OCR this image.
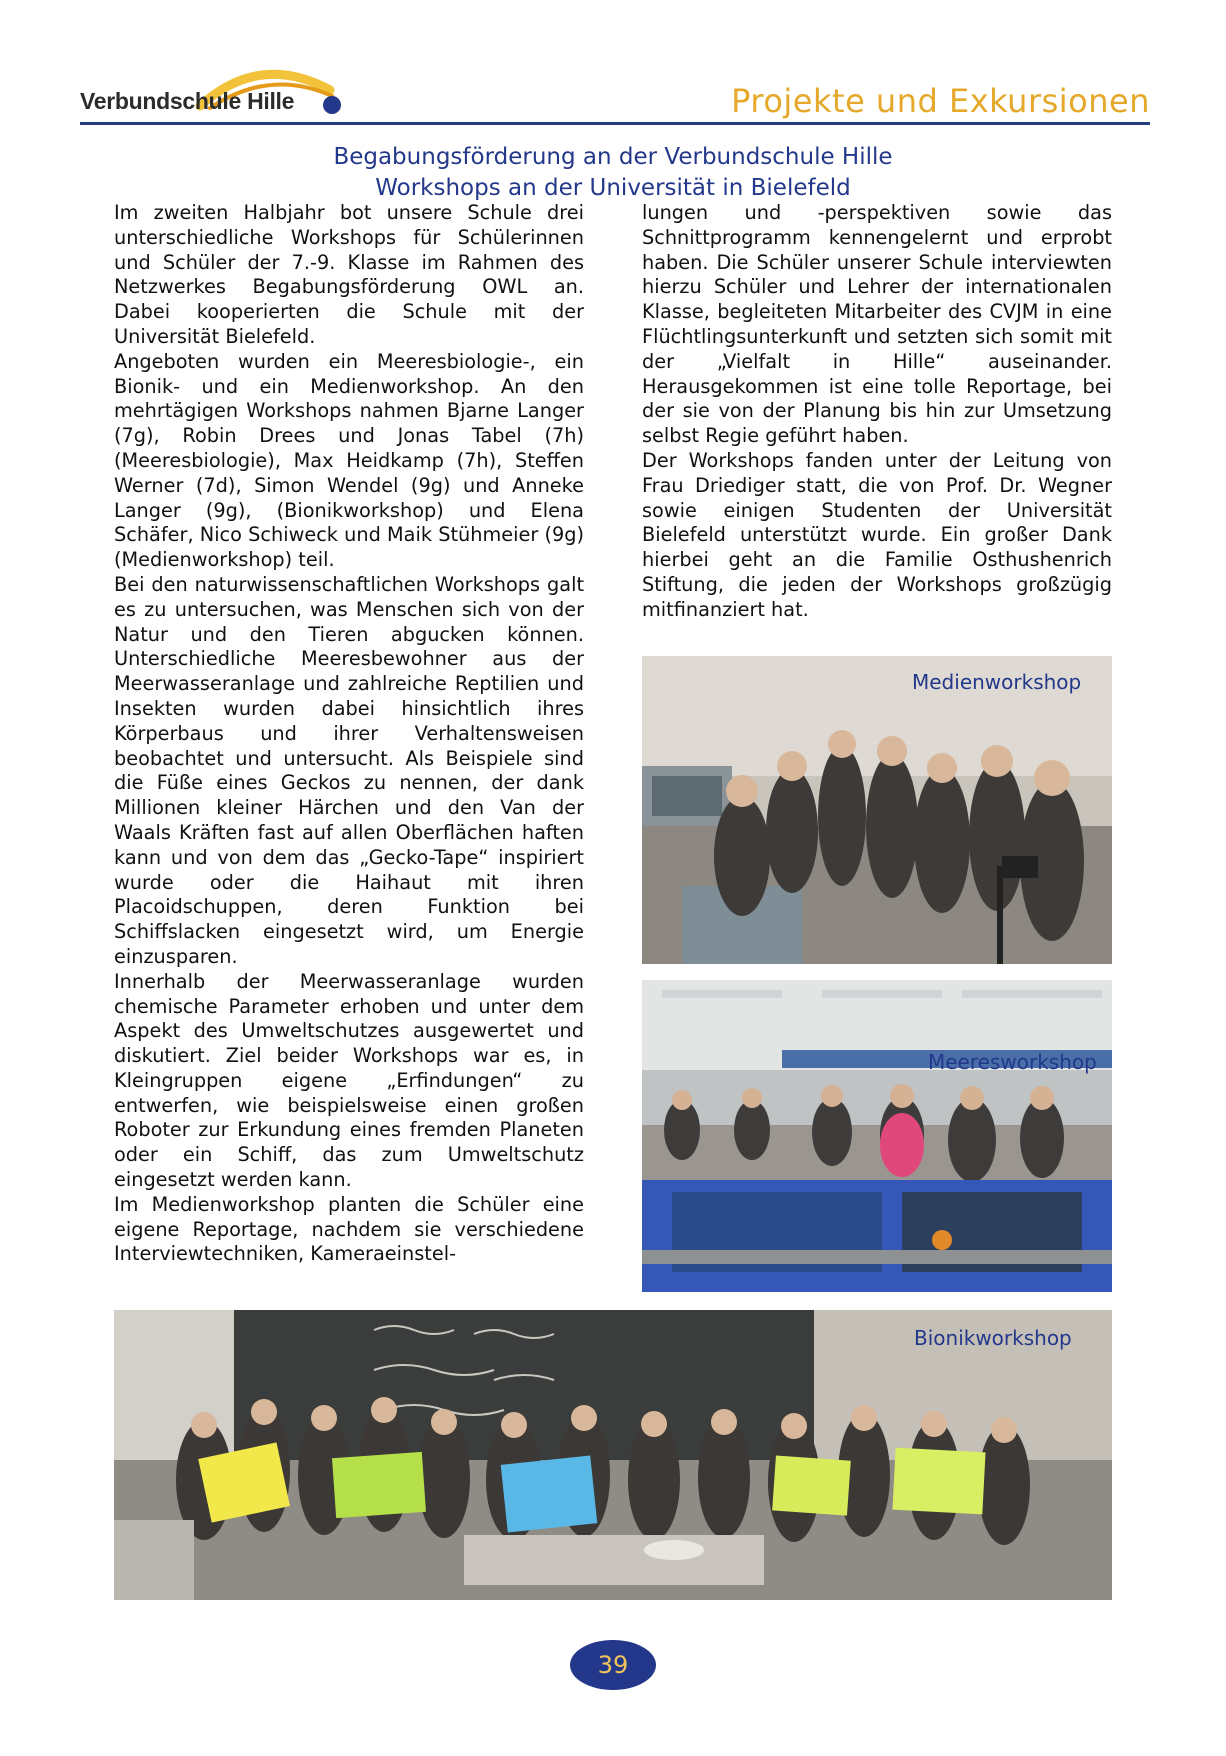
Verbundschule Hille	Projekte und Exkursionen
Begabungsförderung an der Verbundschule Hille
Workshops an der Universität in Bielefeld

Im zweiten Halbjahr bot unsere Schule drei unterschiedliche Workshops für Schülerinnen und Schüler der 7.-9. Klasse im Rahmen des Netzwerkes Begabungsförderung OWL an. Dabei kooperierten die Schule mit der Universität Bielefeld.

Angeboten wurden ein Meeresbiologie-, ein Bionik- und ein Medienworkshop. An den mehrtägigen Workshops nahmen Bjarne Langer (7g), Robin Drees und Jonas Tabel (7h) (Meeresbiologie), Max Heidkamp (7h), Steffen Werner (7d), Simon Wendel (9g) und Anneke Langer (9g), (Bionikworkshop) und Elena Schäfer, Nico Schiweck und Maik Stühmeier (9g) (Medienworkshop) teil.

Bei den naturwissenschaftlichen Workshops galt es zu untersuchen, was Menschen sich von der Natur und den Tieren abgucken können. Unterschiedliche Meeresbewohner aus der Meerwasseranlage und zahlreiche Reptilien und Insekten wurden dabei hinsichtlich ihres Körperbaus und ihrer Verhaltensweisen beobachtet und untersucht. Als Beispiele sind die Füße eines Geckos zu nennen, der dank Millionen kleiner Härchen und den Van der Waals Kräften fast auf allen Oberflächen haften kann und von dem das „Gecko-Tape“ inspiriert wurde oder die Haihaut mit ihren Placoidschuppen, deren Funktion bei Schiffslacken eingesetzt wird, um Energie einzusparen.

Innerhalb der Meerwasseranlage wurden chemische Parameter erhoben und unter dem Aspekt des Umweltschutzes ausgewertet und diskutiert. Ziel beider Workshops war es, in Kleingruppen eigene „Erfindungen“ zu entwerfen, wie beispielsweise einen großen Roboter zur Erkundung eines fremden Planeten oder ein Schiff, das zum Umweltschutz eingesetzt werden kann.

Im Medienworkshop planten die Schüler eine eigene Reportage, nachdem sie verschiedene Interviewtechniken, Kameraeinstel-

lungen und -perspektiven sowie das Schnittprogramm kennengelernt und erprobt haben. Die Schüler unserer Schule interviewten hierzu Schüler und Lehrer der internationalen Klasse, begleiteten Mitarbeiter des CVJM in eine Flüchtlingsunterkunft und setzten sich somit mit der „Vielfalt in Hille“ auseinander. Herausgekommen ist eine tolle Reportage, bei der sie von der Planung bis hin zur Umsetzung selbst Regie geführt haben.

Der Workshops fanden unter der Leitung von Frau Driediger statt, die von Prof. Dr. Wegner sowie einigen Studenten der Universität Bielefeld unterstützt wurde. Ein großer Dank hierbei geht an die Familie Osthushenrich Stiftung, die jeden der Workshops großzügig mitfinanziert hat.

Medienworkshop
Meeresworkshop
Bionikworkshop
39
